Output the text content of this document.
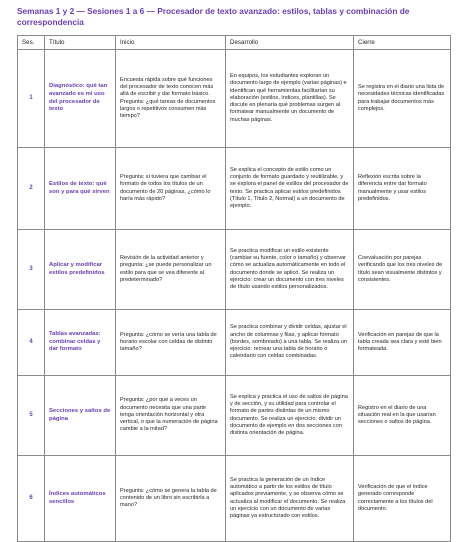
Semanas 1 y 2 — Sesiones 1 a 6 — Procesador de texto avanzado: estilos, tablas y combinación de correspondencia
Ses.	Título	Inicio	Desarrollo	Cierre
1	Diagnóstico: qué tan avanzado es mi uso del procesador de texto	Encuesta rápida sobre qué funciones del procesador de texto conocen más allá de escribir y dar formato básico. Pregunta: ¿qué tareas de documentos largos o repetitivos consumen más tiempo?	En equipos, los estudiantes exploran un documento largo de ejemplo (varias páginas) e identifican qué herramientas facilitarían su elaboración (estilos, índices, plantillas). Se discute en plenaria qué problemas surgen al formatear manualmente un documento de muchas páginas.	Se registra en el diario una lista de necesidades técnicas identificadas para trabajar documentos más complejos.
2	Estilos de texto: qué son y para qué sirven	Pregunta: si tuviera que cambiar el formato de todos los títulos de un documento de 20 páginas, ¿cómo lo haría más rápido?	Se explica el concepto de estilo como un conjunto de formato guardado y reutilizable, y se explora el panel de estilos del procesador de texto. Se practica aplicar estilos predefinidos (Título 1, Título 2, Normal) a un documento de ejemplo.	Reflexión escrita sobre la diferencia entre dar formato manualmente y usar estilos predefinidos.
3	Aplicar y modificar estilos predefinidos	Revisión de la actividad anterior y pregunta: ¿se puede personalizar un estilo para que se vea diferente al predeterminado?	Se practica modificar un estilo existente (cambiar su fuente, color o tamaño) y observar cómo se actualiza automáticamente en todo el documento donde se aplicó. Se realiza un ejercicio: crear un documento con tres niveles de título usando estilos personalizados.	Coevaluación por parejas verificando que los tres niveles de título sean visualmente distintos y consistentes.
4	Tablas avanzadas: combinar celdas y dar formato	Pregunta: ¿cómo se vería una tabla de horario escolar con celdas de distinto tamaño?	Se practica combinar y dividir celdas, ajustar el ancho de columnas y filas, y aplicar formato (bordes, sombreado) a una tabla. Se realiza un ejercicio: recrear una tabla de horario o calendario con celdas combinadas.	Verificación en parejas de que la tabla creada sea clara y esté bien formateada.
5	Secciones y saltos de página	Pregunta: ¿por qué a veces un documento necesita que una parte tenga orientación horizontal y otra vertical, o que la numeración de página cambie a la mitad?	Se explica y practica el uso de saltos de página y de sección, y su utilidad para controlar el formato de partes distintas de un mismo documento. Se realiza un ejercicio: dividir un documento de ejemplo en dos secciones con distinta orientación de página.	Registro en el diario de una situación real en la que usarían secciones o saltos de página.
6	Índices automáticos sencillos	Pregunta: ¿cómo se genera la tabla de contenido de un libro sin escribirla a mano?	Se practica la generación de un índice automático a partir de los estilos de título aplicados previamente, y se observa cómo se actualiza al modificar el documento. Se realiza un ejercicio con un documento de varias páginas ya estructurado con estilos.	Verificación de que el índice generado corresponde correctamente a los títulos del documento.
